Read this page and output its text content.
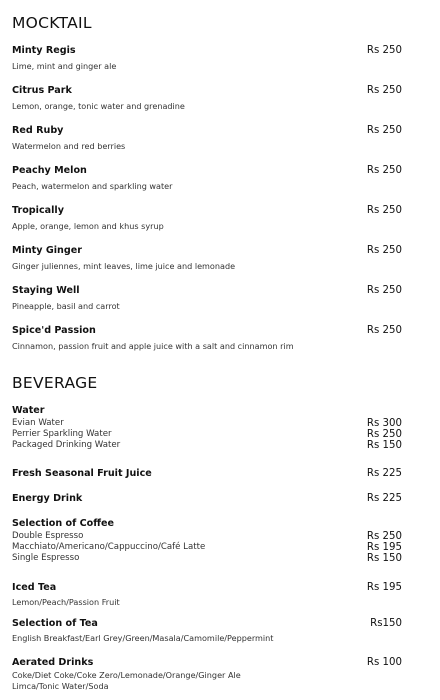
MOCKTAIL
Minty Regis	Rs 250
Lime, mint and ginger ale
Citrus Park	Rs 250
Lemon, orange, tonic water and grenadine
Red Ruby	Rs 250
Watermelon and red berries
Peachy Melon	Rs 250
Peach, watermelon and sparkling water
Tropically	Rs 250
Apple, orange, lemon and khus syrup
Minty Ginger	Rs 250
Ginger juliennes, mint leaves, lime juice and lemonade
Staying Well	Rs 250
Pineapple, basil and carrot
Spice'd Passion	Rs 250
Cinnamon, passion fruit and apple juice with a salt and cinnamon rim
BEVERAGE
Water
Evian Water	Rs 300
Perrier Sparkling Water	Rs 250
Packaged Drinking Water	Rs 150
Fresh Seasonal Fruit Juice	Rs 225
Energy Drink	Rs 225
Selection of Coffee
Double Espresso	Rs 250
Macchiato/Americano/Cappuccino/Café Latte	Rs 195
Single Espresso	Rs 150
Iced Tea	Rs 195
Lemon/Peach/Passion Fruit
Selection of Tea	Rs150
English Breakfast/Earl Grey/Green/Masala/Camomile/Peppermint
Aerated Drinks	Rs 100
Coke/Diet Coke/Coke Zero/Lemonade/Orange/Ginger Ale
Limca/Tonic Water/Soda
